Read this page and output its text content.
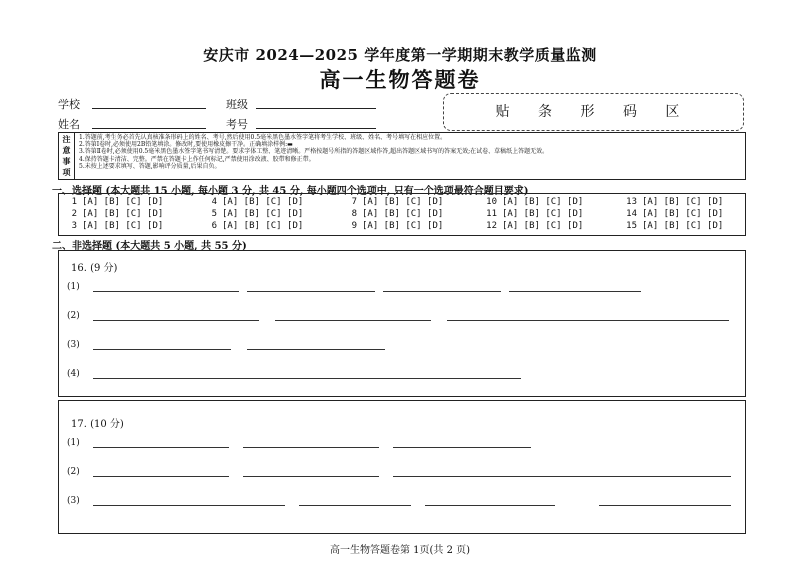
安庆市 2024—2025 学年度第一学期期末教学质量监测
高一生物答题卷
学校	班级
姓名	考号
贴 条 形 码 区
注意事项
1.答题前,考生务必首先认真核准条形码上的姓名、考号,然后使用0.5毫米黑色墨水签字笔将考生学校、班级、姓名、考号填写在相应位置。
2.答第Ⅰ卷时,必须使用2B铅笔填涂。修改时,要使用橡皮擦干净。正确填涂样例:▬
3.答第Ⅱ卷时,必须使用0.5毫米黑色墨水签字笔书写清楚。要求字体工整、笔迹清晰。严格按题号所指的答题区域作答,超出答题区域书写的答案无效;在试卷、草稿纸上答题无效。
4.保持答题卡清洁、完整。严禁在答题卡上作任何标记,严禁使用涂改液、胶带和修正带。
5.未按上述要求填写、答题,影响评分质量,后果自负。
一、选择题 (本大题共 15 小题, 每小题 3 分, 共 45 分, 每小题四个选项中, 只有一个选项最符合题目要求)
1 [A] [B] [C] [D]	4 [A] [B] [C] [D]	7 [A] [B] [C] [D]	10 [A] [B] [C] [D]	13 [A] [B] [C] [D]
2 [A] [B] [C] [D]	5 [A] [B] [C] [D]	8 [A] [B] [C] [D]	11 [A] [B] [C] [D]	14 [A] [B] [C] [D]
3 [A] [B] [C] [D]	6 [A] [B] [C] [D]	9 [A] [B] [C] [D]	12 [A] [B] [C] [D]	15 [A] [B] [C] [D]
二、非选择题 (本大题共 5 小题, 共 55 分)
16. (9 分)
(1)
(2)
(3)
(4)
17. (10 分)
(1)
(2)
(3)
高一生物答题卷第 1页(共 2 页)
